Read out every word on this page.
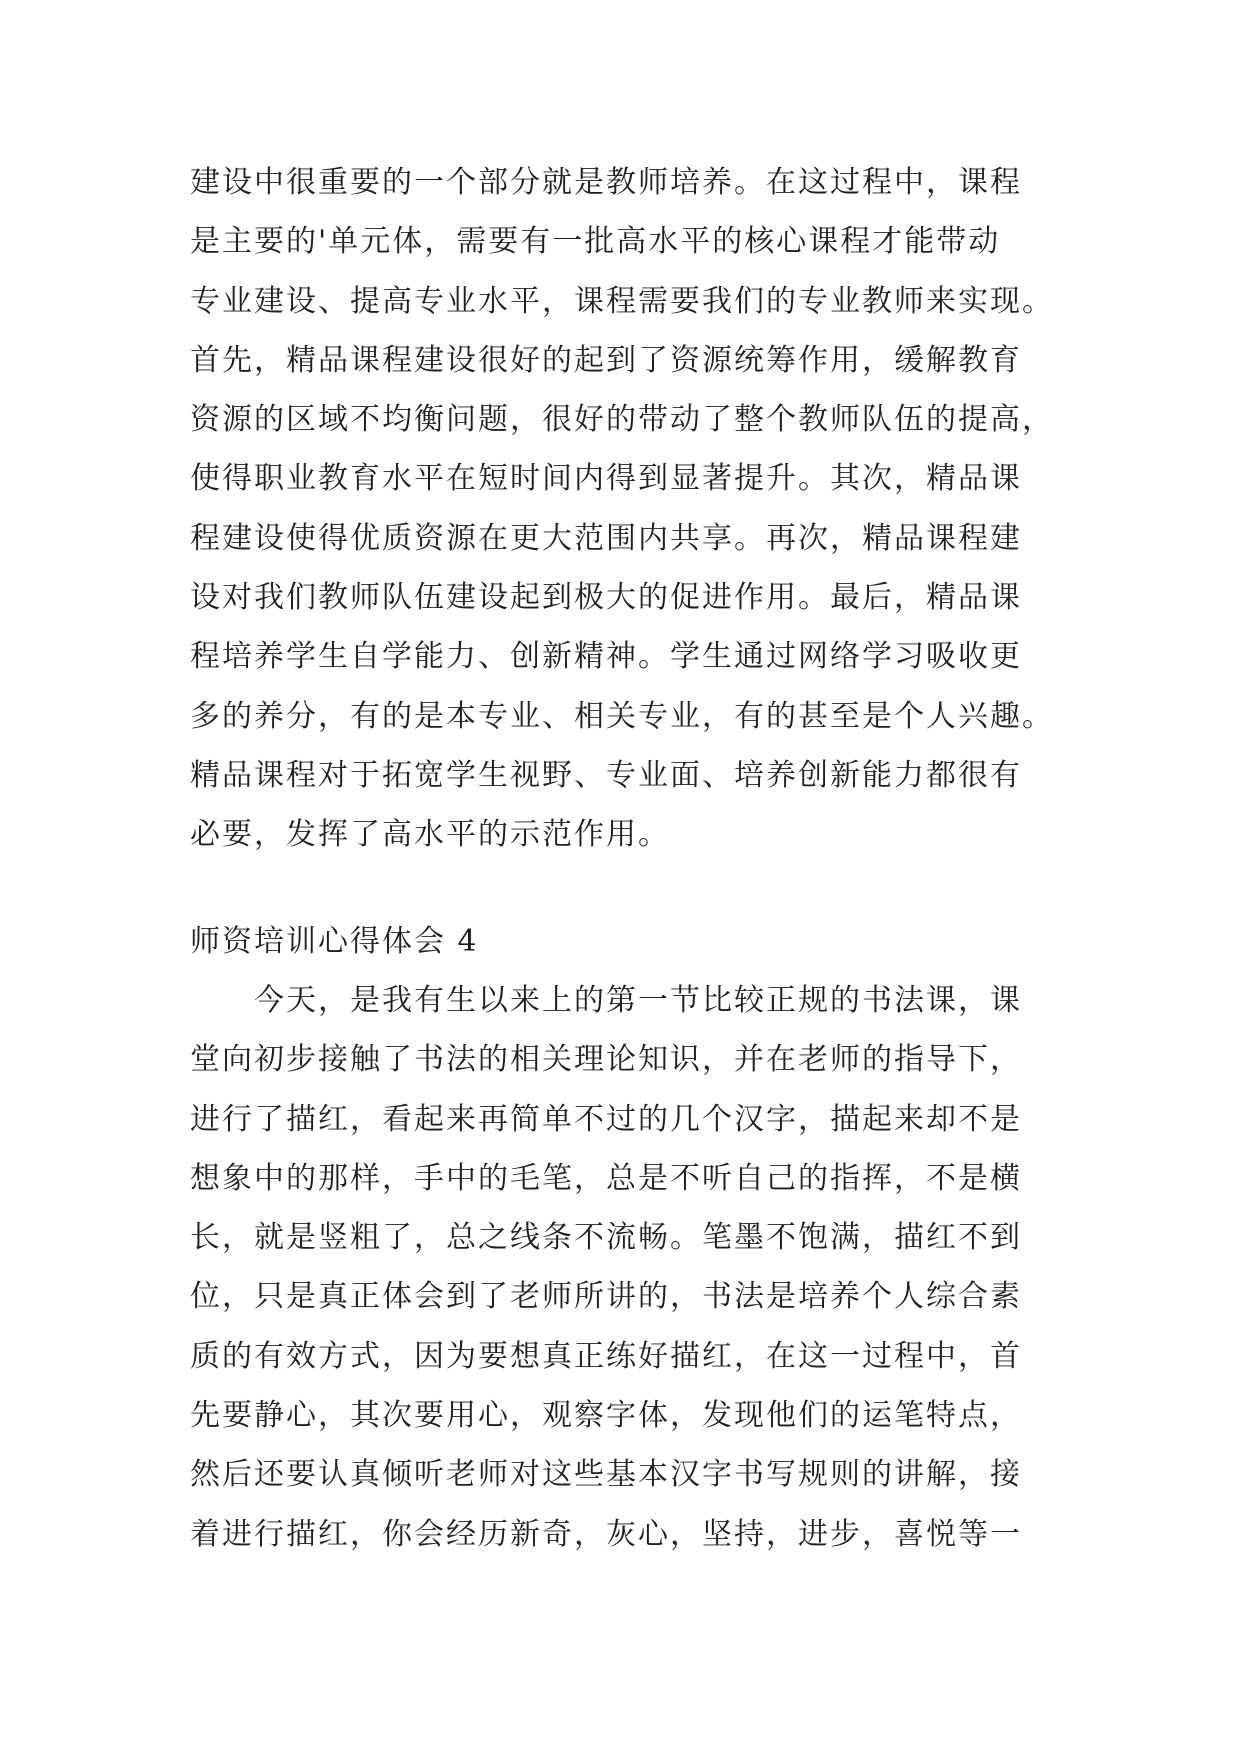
建设中很重要的一个部分就是教师培养。在这过程中，课程
是主要的'单元体，需要有一批高水平的核心课程才能带动
专业建设、提高专业水平，课程需要我们的专业教师来实现。
首先，精品课程建设很好的起到了资源统筹作用，缓解教育
资源的区域不均衡问题，很好的带动了整个教师队伍的提高，
使得职业教育水平在短时间内得到显著提升。其次，精品课
程建设使得优质资源在更大范围内共享。再次，精品课程建
设对我们教师队伍建设起到极大的促进作用。最后，精品课
程培养学生自学能力、创新精神。学生通过网络学习吸收更
多的养分，有的是本专业、相关专业，有的甚至是个人兴趣。
精品课程对于拓宽学生视野、专业面、培养创新能力都很有
必要，发挥了高水平的示范作用。
师资培训心得体会 4
　　今天，是我有生以来上的第一节比较正规的书法课，课
堂向初步接触了书法的相关理论知识，并在老师的指导下，
进行了描红，看起来再简单不过的几个汉字，描起来却不是
想象中的那样，手中的毛笔，总是不听自己的指挥，不是横
长，就是竖粗了，总之线条不流畅。笔墨不饱满，描红不到
位，只是真正体会到了老师所讲的，书法是培养个人综合素
质的有效方式，因为要想真正练好描红，在这一过程中，首
先要静心，其次要用心，观察字体，发现他们的运笔特点，
然后还要认真倾听老师对这些基本汉字书写规则的讲解，接
着进行描红，你会经历新奇，灰心，坚持，进步，喜悦等一
